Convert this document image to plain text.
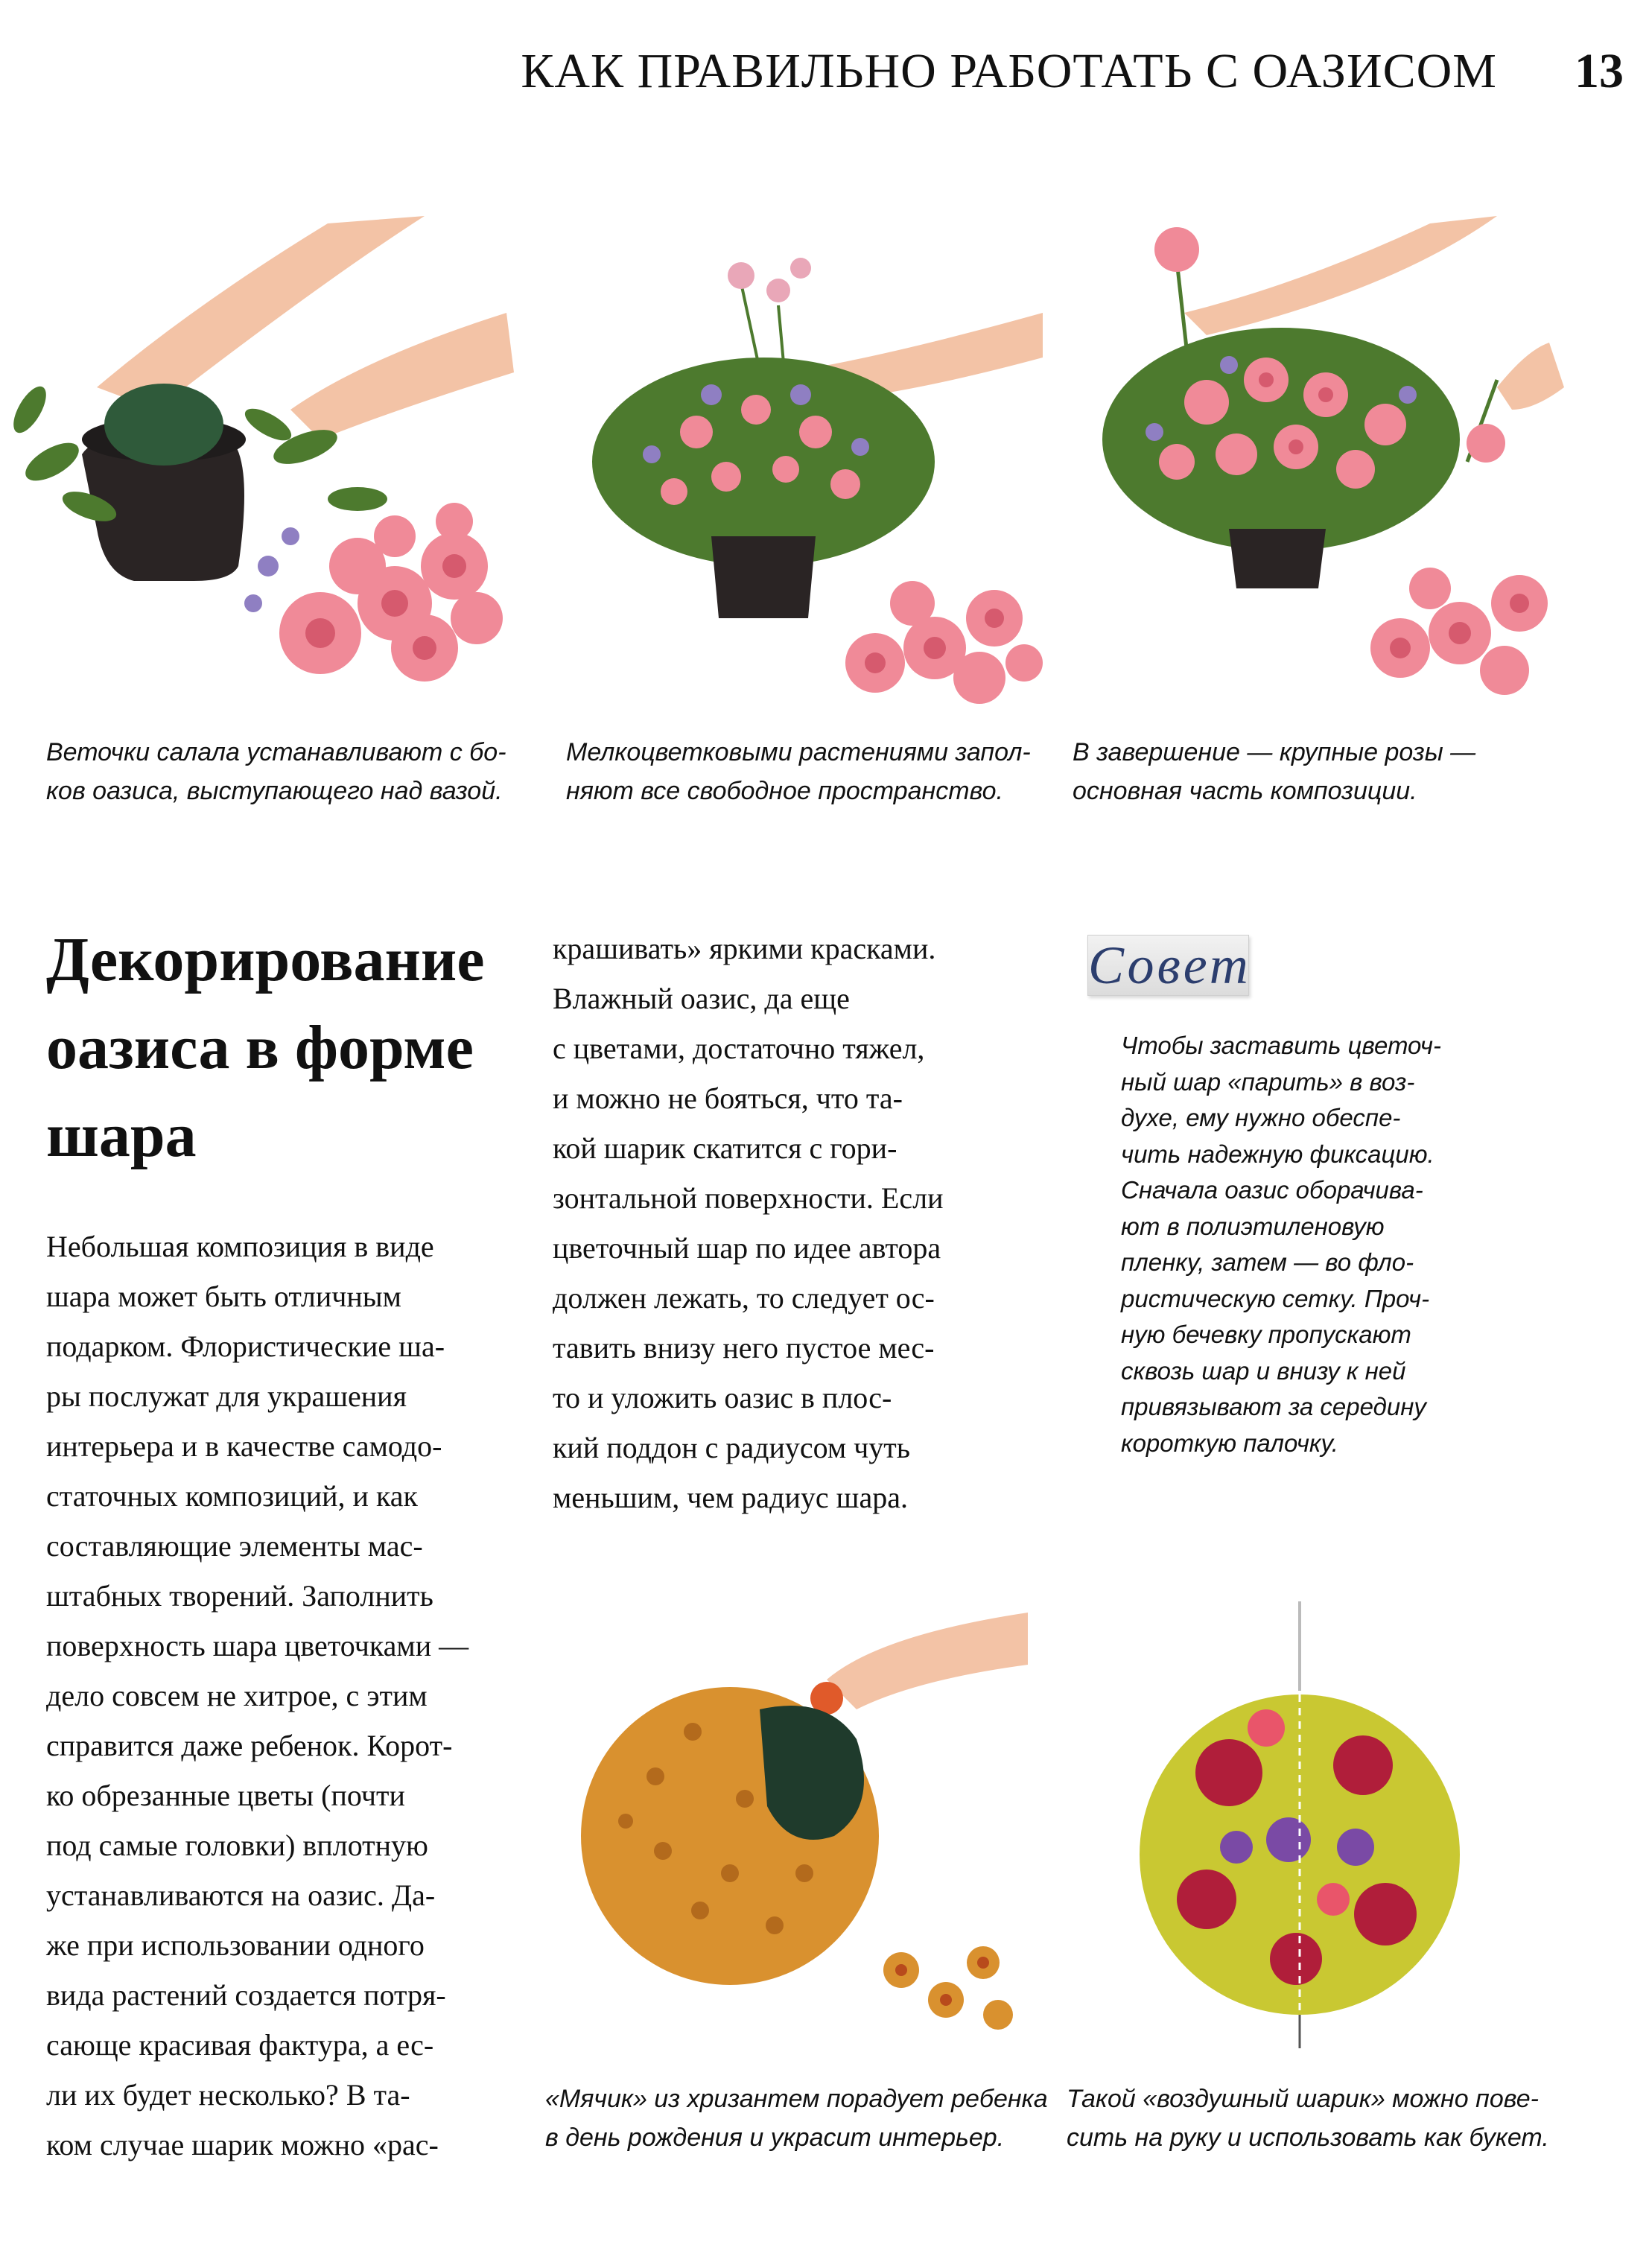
КАК ПРАВИЛЬНО РАБОТАТЬ С ОАЗИСОМ 13
Веточки салала устанавливают с бо-
ков оазиса, выступающего над вазой.
Мелкоцветковыми растениями запол-
няют все свободное пространство.
В завершение — крупные розы —
основная часть композиции.
Декорирование
оазиса в форме
шара
Небольшая композиция в виде
шара может быть отличным
подарком. Флористические ша-
ры послужат для украшения
интерьера и в качестве самодо-
статочных композиций, и как
составляющие элементы мас-
штабных творений. Заполнить
поверхность шара цветочками —
дело совсем не хитрое, с этим
справится даже ребенок. Корот-
ко обрезанные цветы (почти
под самые головки) вплотную
устанавливаются на оазис. Да-
же при использовании одного
вида растений создается потря-
сающе красивая фактура, а ес-
ли их будет несколько? В та-
ком случае шарик можно «рас-
крашивать» яркими красками.
Влажный оазис, да еще
с цветами, достаточно тяжел,
и можно не бояться, что та-
кой шарик скатится с гори-
зонтальной поверхности. Если
цветочный шар по идее автора
должен лежать, то следует ос-
тавить внизу него пустое мес-
то и уложить оазис в плос-
кий поддон с радиусом чуть
меньшим, чем радиус шара.
Совет
Чтобы заставить цветоч-
ный шар «парить» в воз-
духе, ему нужно обеспе-
чить надежную фиксацию.
Сначала оазис оборачива-
ют в полиэтиленовую
пленку, затем — во фло-
ристическую сетку. Проч-
ную бечевку пропускают
сквозь шар и внизу к ней
привязывают за середину
короткую палочку.
«Мячик» из хризантем порадует ребенка
в день рождения и украсит интерьер.
Такой «воздушный шарик» можно пове-
сить на руку и использовать как букет.
